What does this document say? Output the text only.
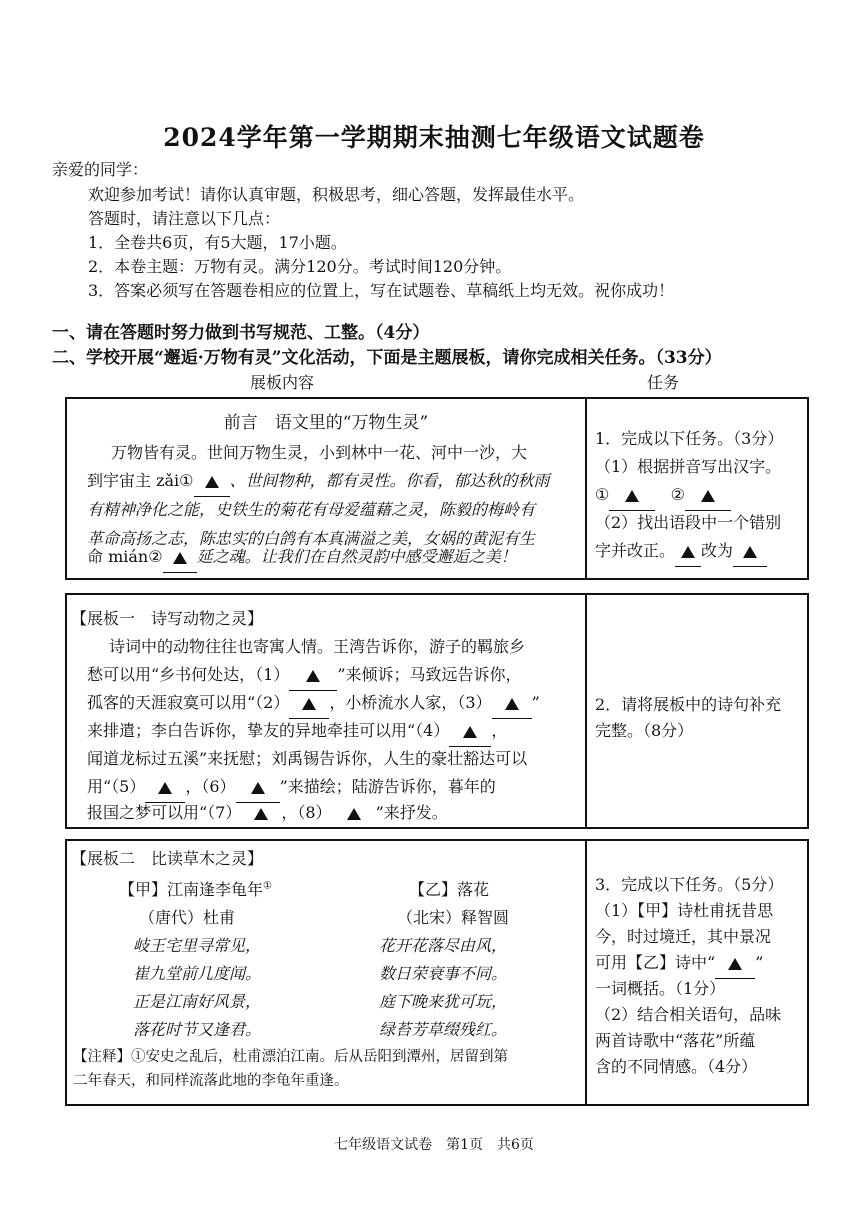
2024学年第一学期期末抽测七年级语文试题卷
亲爱的同学：
欢迎参加考试！请你认真审题，积极思考，细心答题，发挥最佳水平。
答题时，请注意以下几点：
1．全卷共6页，有5大题，17小题。
2．本卷主题：万物有灵。满分120分。考试时间120分钟。
3．答案必须写在答题卷相应的位置上，写在试题卷、草稿纸上均无效。祝你成功！
一、请在答题时努力做到书写规范、工整。（4分）
二、学校开展“邂逅·万物有灵”文化活动，下面是主题展板，请你完成相关任务。（33分）
展板内容	任务
前言　语文里的“万物生灵”
万物皆有灵。世间万物生灵，小到林中一花、河中一沙，大
到宇宙主 zǎi① 、世间物种，都有灵性。你看，郁达秋的秋雨
有精神净化之能，史铁生的菊花有母爱蕴藉之灵，陈毅的梅岭有
革命高扬之志，陈忠实的白鸽有本真满溢之美，女娲的黄泥有生
命 mián② 延之魂。让我们在自然灵韵中感受邂逅之美！
1．完成以下任务。（3分）
（1）根据拼音写出汉字。
①	②
（2）找出语段中一个错别
字并改正。 改为
【展板一　诗写动物之灵】
诗词中的动物往往也寄寓人情。王湾告诉你，游子的羁旅乡
愁可以用“乡书何处达，（1）	”来倾诉；马致远告诉你，
孤客的天涯寂寞可以用“（2）	，小桥流水人家，（3）	”
来排遣；李白告诉你，挚友的异地牵挂可以用“（4）	，
闻道龙标过五溪”来抚慰；刘禹锡告诉你，人生的豪壮豁达可以
用“（5）	，（6）	”来描绘；陆游告诉你，暮年的
报国之梦可以用“（7）	，（8）	”来抒发。
2．请将展板中的诗句补充
完整。（8分）
【展板二　比读草木之灵】
【甲】江南逢李龟年①
（唐代）杜甫
岐王宅里寻常见，
崔九堂前几度闻。
正是江南好风景，
落花时节又逢君。
【乙】落花
（北宋）释智圆
花开花落尽由风，
数日荣衰事不同。
庭下晚来犹可玩，
绿苔芳草缀残红。
【注释】①安史之乱后，杜甫漂泊江南。后从岳阳到潭州，居留到第
二年春天，和同样流落此地的李龟年重逢。
3．完成以下任务。（5分）
（1）【甲】诗杜甫抚昔思
今，时过境迁，其中景况
可用【乙】诗中“	”
一词概括。（1分）
（2）结合相关语句，品味
两首诗歌中“落花”所蕴
含的不同情感。（4分）
七年级语文试卷　第1页　共6页
